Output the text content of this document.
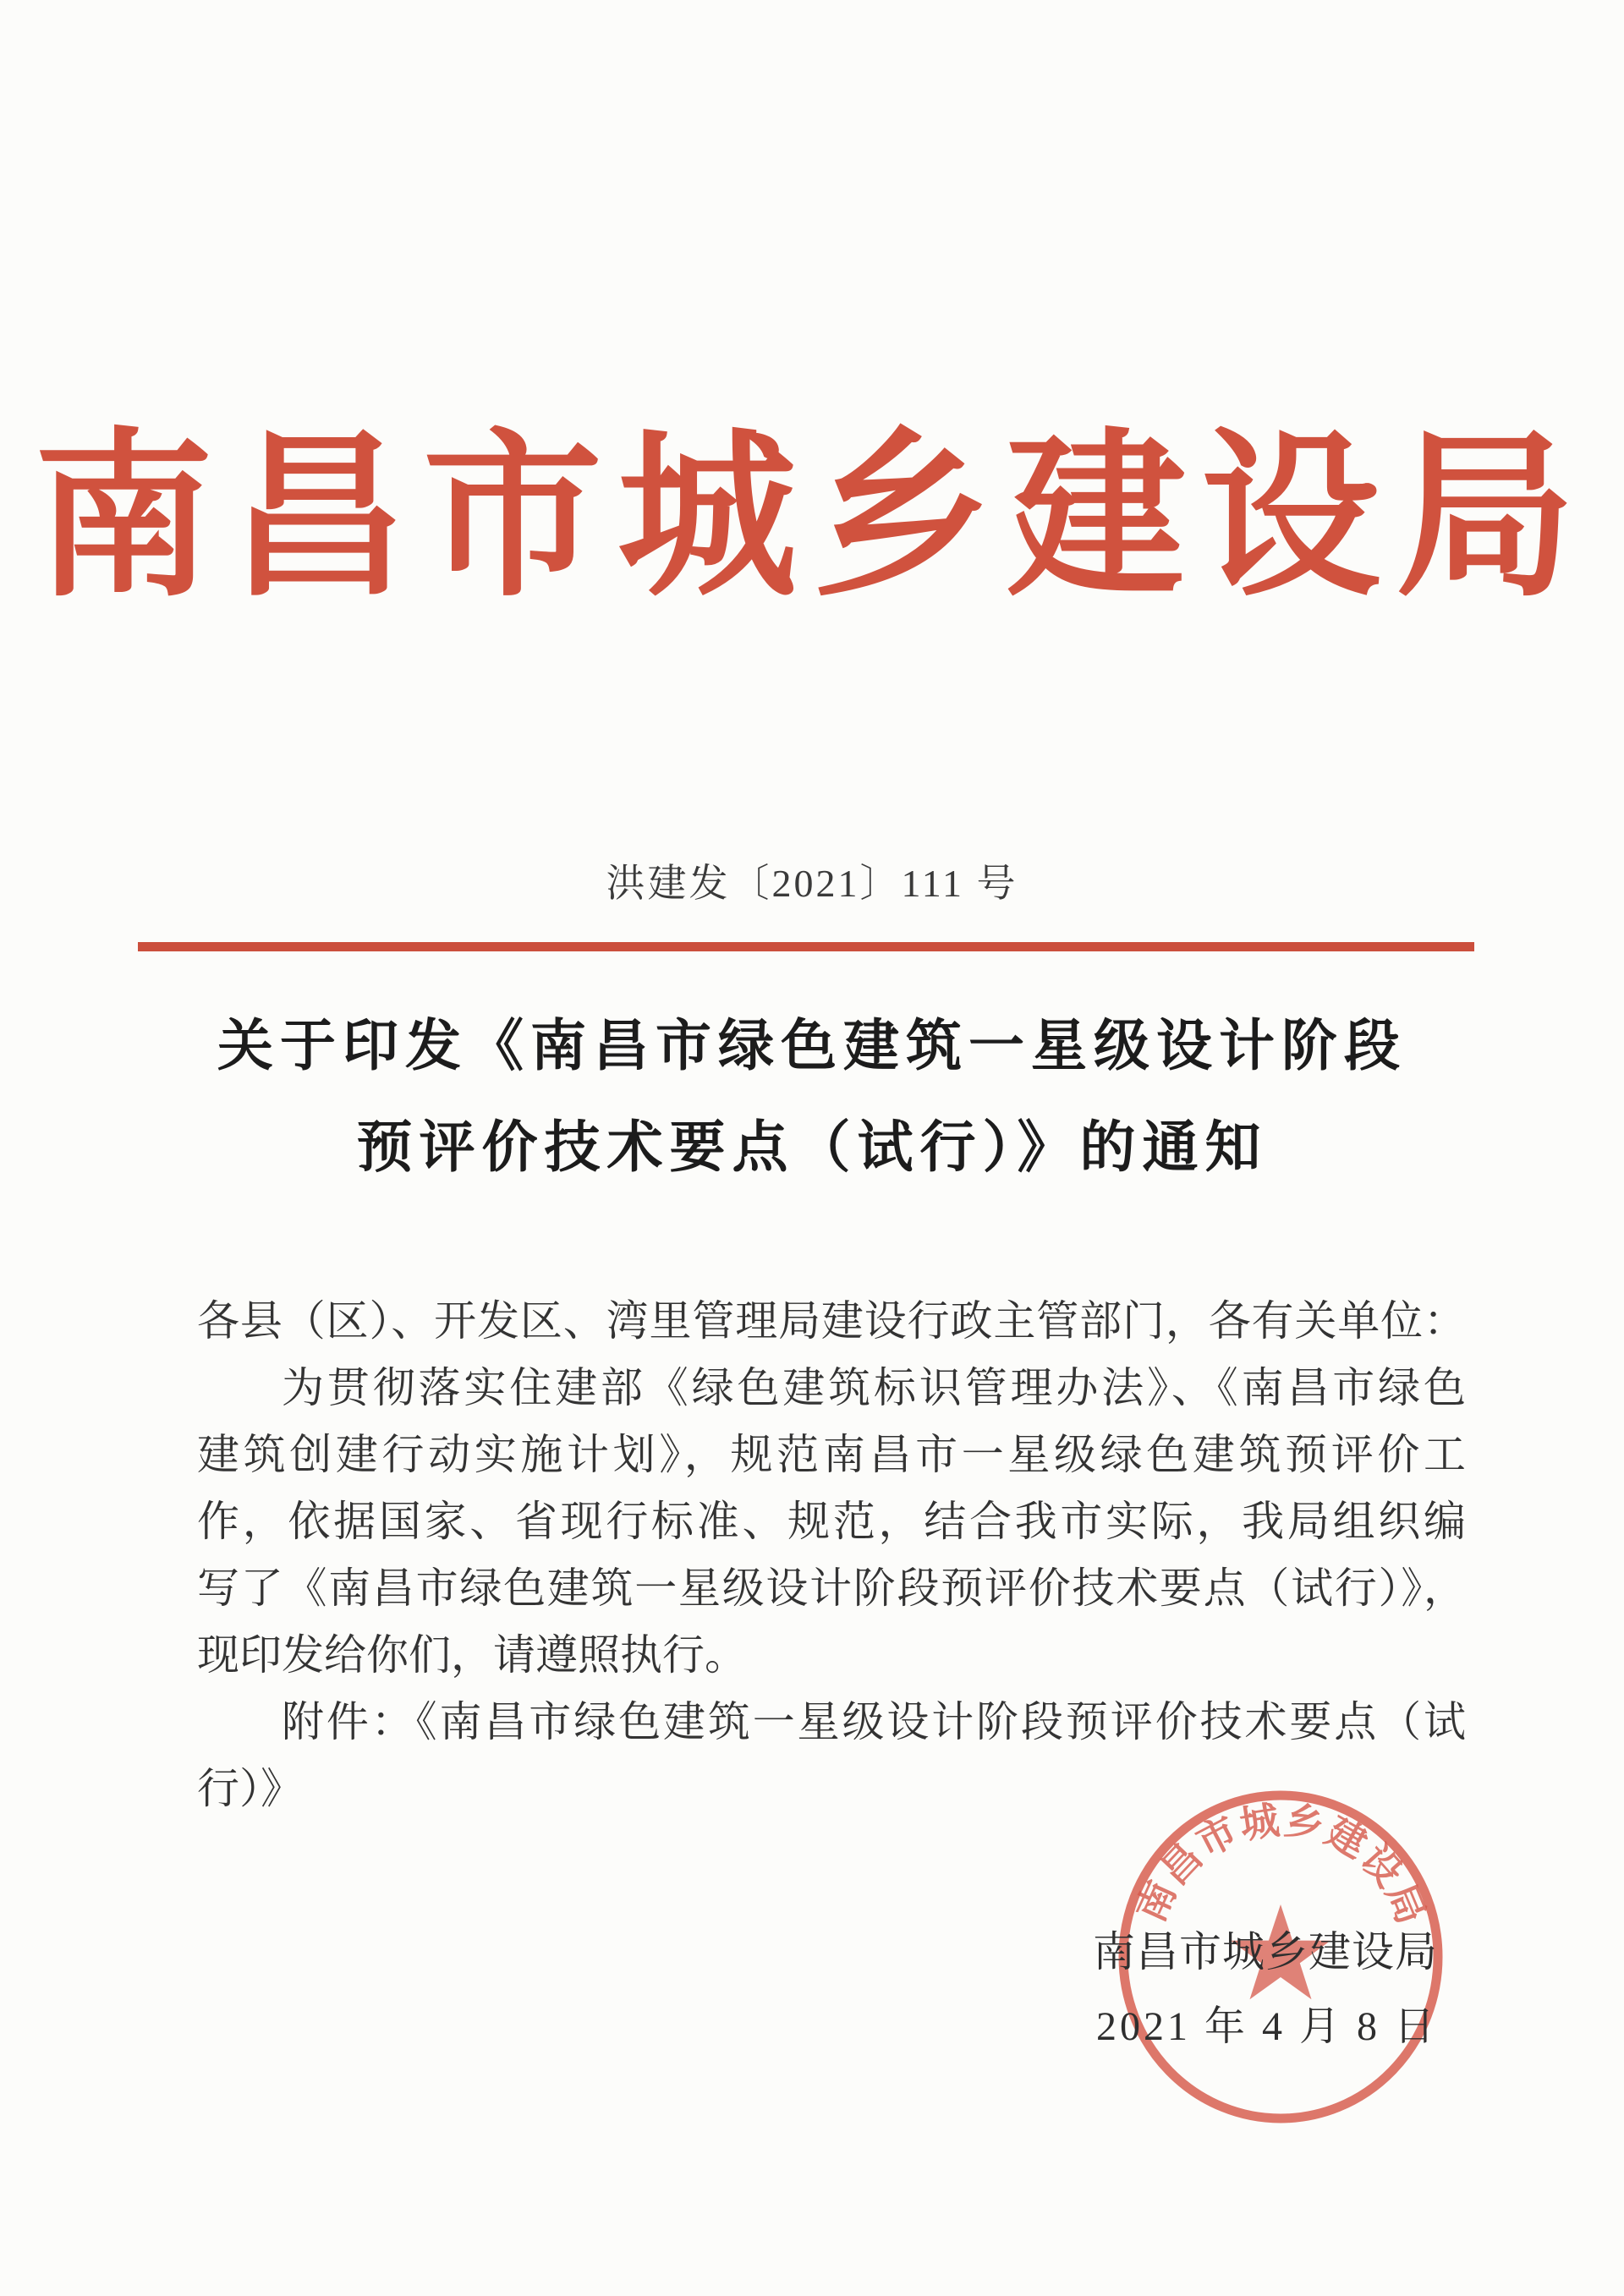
南昌市城乡建设局
洪建发〔2021〕111 号
关于印发《南昌市绿色建筑一星级设计阶段
预评价技术要点（试行）》的通知
各县（区）、开发区、湾里管理局建设行政主管部门，各有关单位：
为贯彻落实住建部《绿色建筑标识管理办法》、《南昌市绿色
建筑创建行动实施计划》，规范南昌市一星级绿色建筑预评价工
作，依据国家、省现行标准、规范，结合我市实际，我局组织编
写了《南昌市绿色建筑一星级设计阶段预评价技术要点（试行）》，
现印发给你们，请遵照执行。
附件：《南昌市绿色建筑一星级设计阶段预评价技术要点（试
行）》
南昌市城乡建设局
2021 年 4 月 8 日
南昌市城乡建设局
